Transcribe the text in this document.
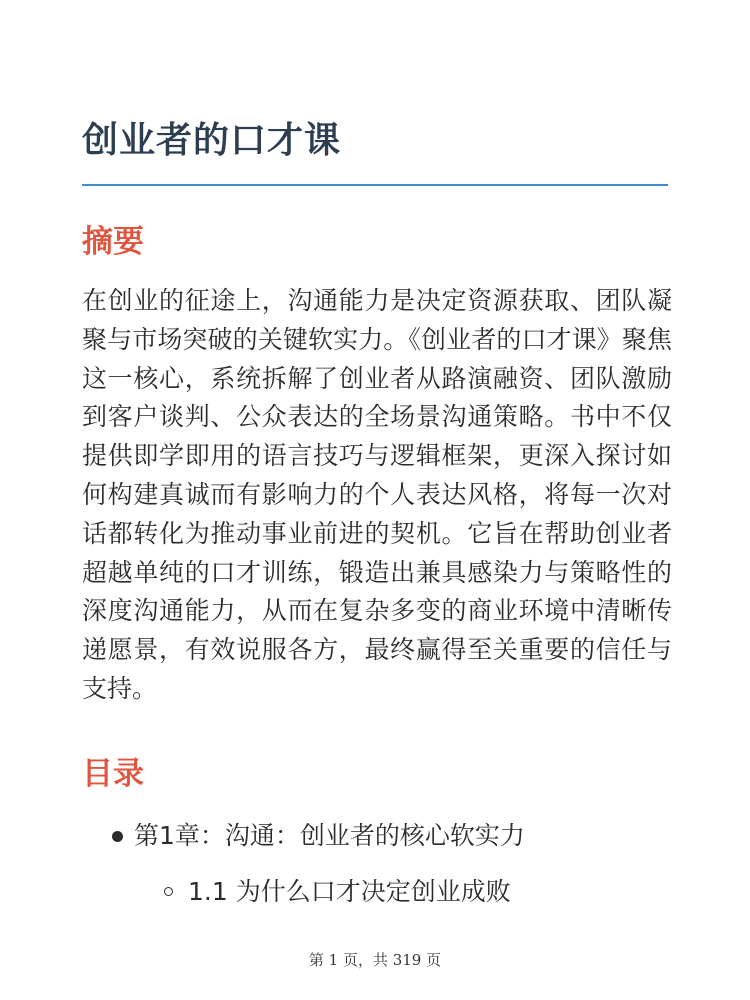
创业者的口才课
摘要

在创业的征途上，沟通能力是决定资源获取、团队凝聚与市场突破的关键软实力。《创业者的口才课》聚焦这一核心，系统拆解了创业者从路演融资、团队激励到客户谈判、公众表达的全场景沟通策略。书中不仅提供即学即用的语言技巧与逻辑框架，更深入探讨如何构建真诚而有影响力的个人表达风格，将每一次对话都转化为推动事业前进的契机。它旨在帮助创业者超越单纯的口才训练，锻造出兼具感染力与策略性的深度沟通能力，从而在复杂多变的商业环境中清晰传递愿景，有效说服各方，最终赢得至关重要的信任与支持。

目录
第1章：沟通：创业者的核心软实力
1.1 为什么口才决定创业成败
第 1 页，共 319 页
